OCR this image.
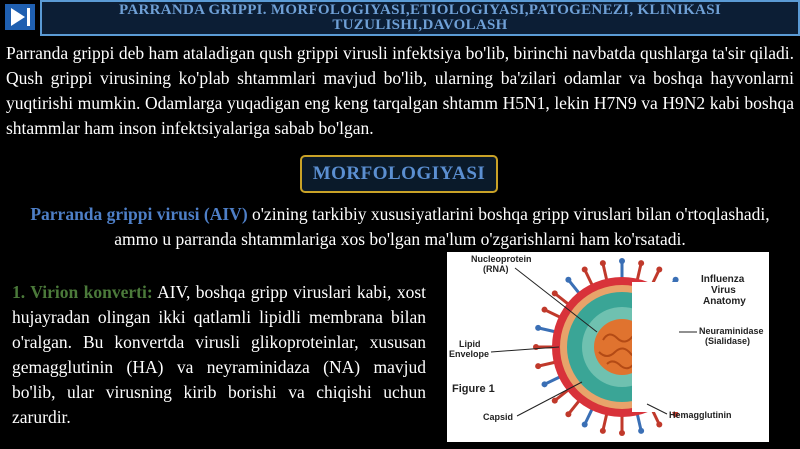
PARRANDA GRIPPI. MORFOLOGIYASI,ETIOLOGIYASI,PATOGENEZI, KLINIKASI TUZULISHI,DAVOLASH

Parranda grippi deb ham ataladigan qush grippi virusli infektsiya bo'lib, birinchi navbatda qushlarga ta'sir qiladi. Qush grippi virusining ko'plab shtammlari mavjud bo'lib, ularning ba'zilari odamlar va boshqa hayvonlarni yuqtirishi mumkin. Odamlarga yuqadigan eng keng tarqalgan shtamm H5N1, lekin H7N9 va H9N2 kabi boshqa shtammlar ham inson infektsiyalariga sabab bo'lgan.

MORFOLOGIYASI

Parranda grippi virusi (AIV) o'zining tarkibiy xususiyatlarini boshqa gripp viruslari bilan o'rtoqlashadi, ammo u parranda shtammlariga xos bo'lgan ma'lum o'zgarishlarni ham ko'rsatadi.

1. Virion konverti: AIV, boshqa gripp viruslari kabi, xost hujayradan olingan ikki qatlamli lipidli membrana bilan o'ralgan. Bu konvertda virusli glikoproteinlar, xususan gemagglutinin (HA) va neyraminidaza (NA) mavjud bo'lib, ular virusning kirib borishi va chiqishi uchun zarurdir.

Nucleoprotein
(RNA)
Influenza
Virus
Anatomy
Lipid
Envelope
Neuraminidase
(Sialidase)
Figure 1
Capsid	Hemagglutinin
